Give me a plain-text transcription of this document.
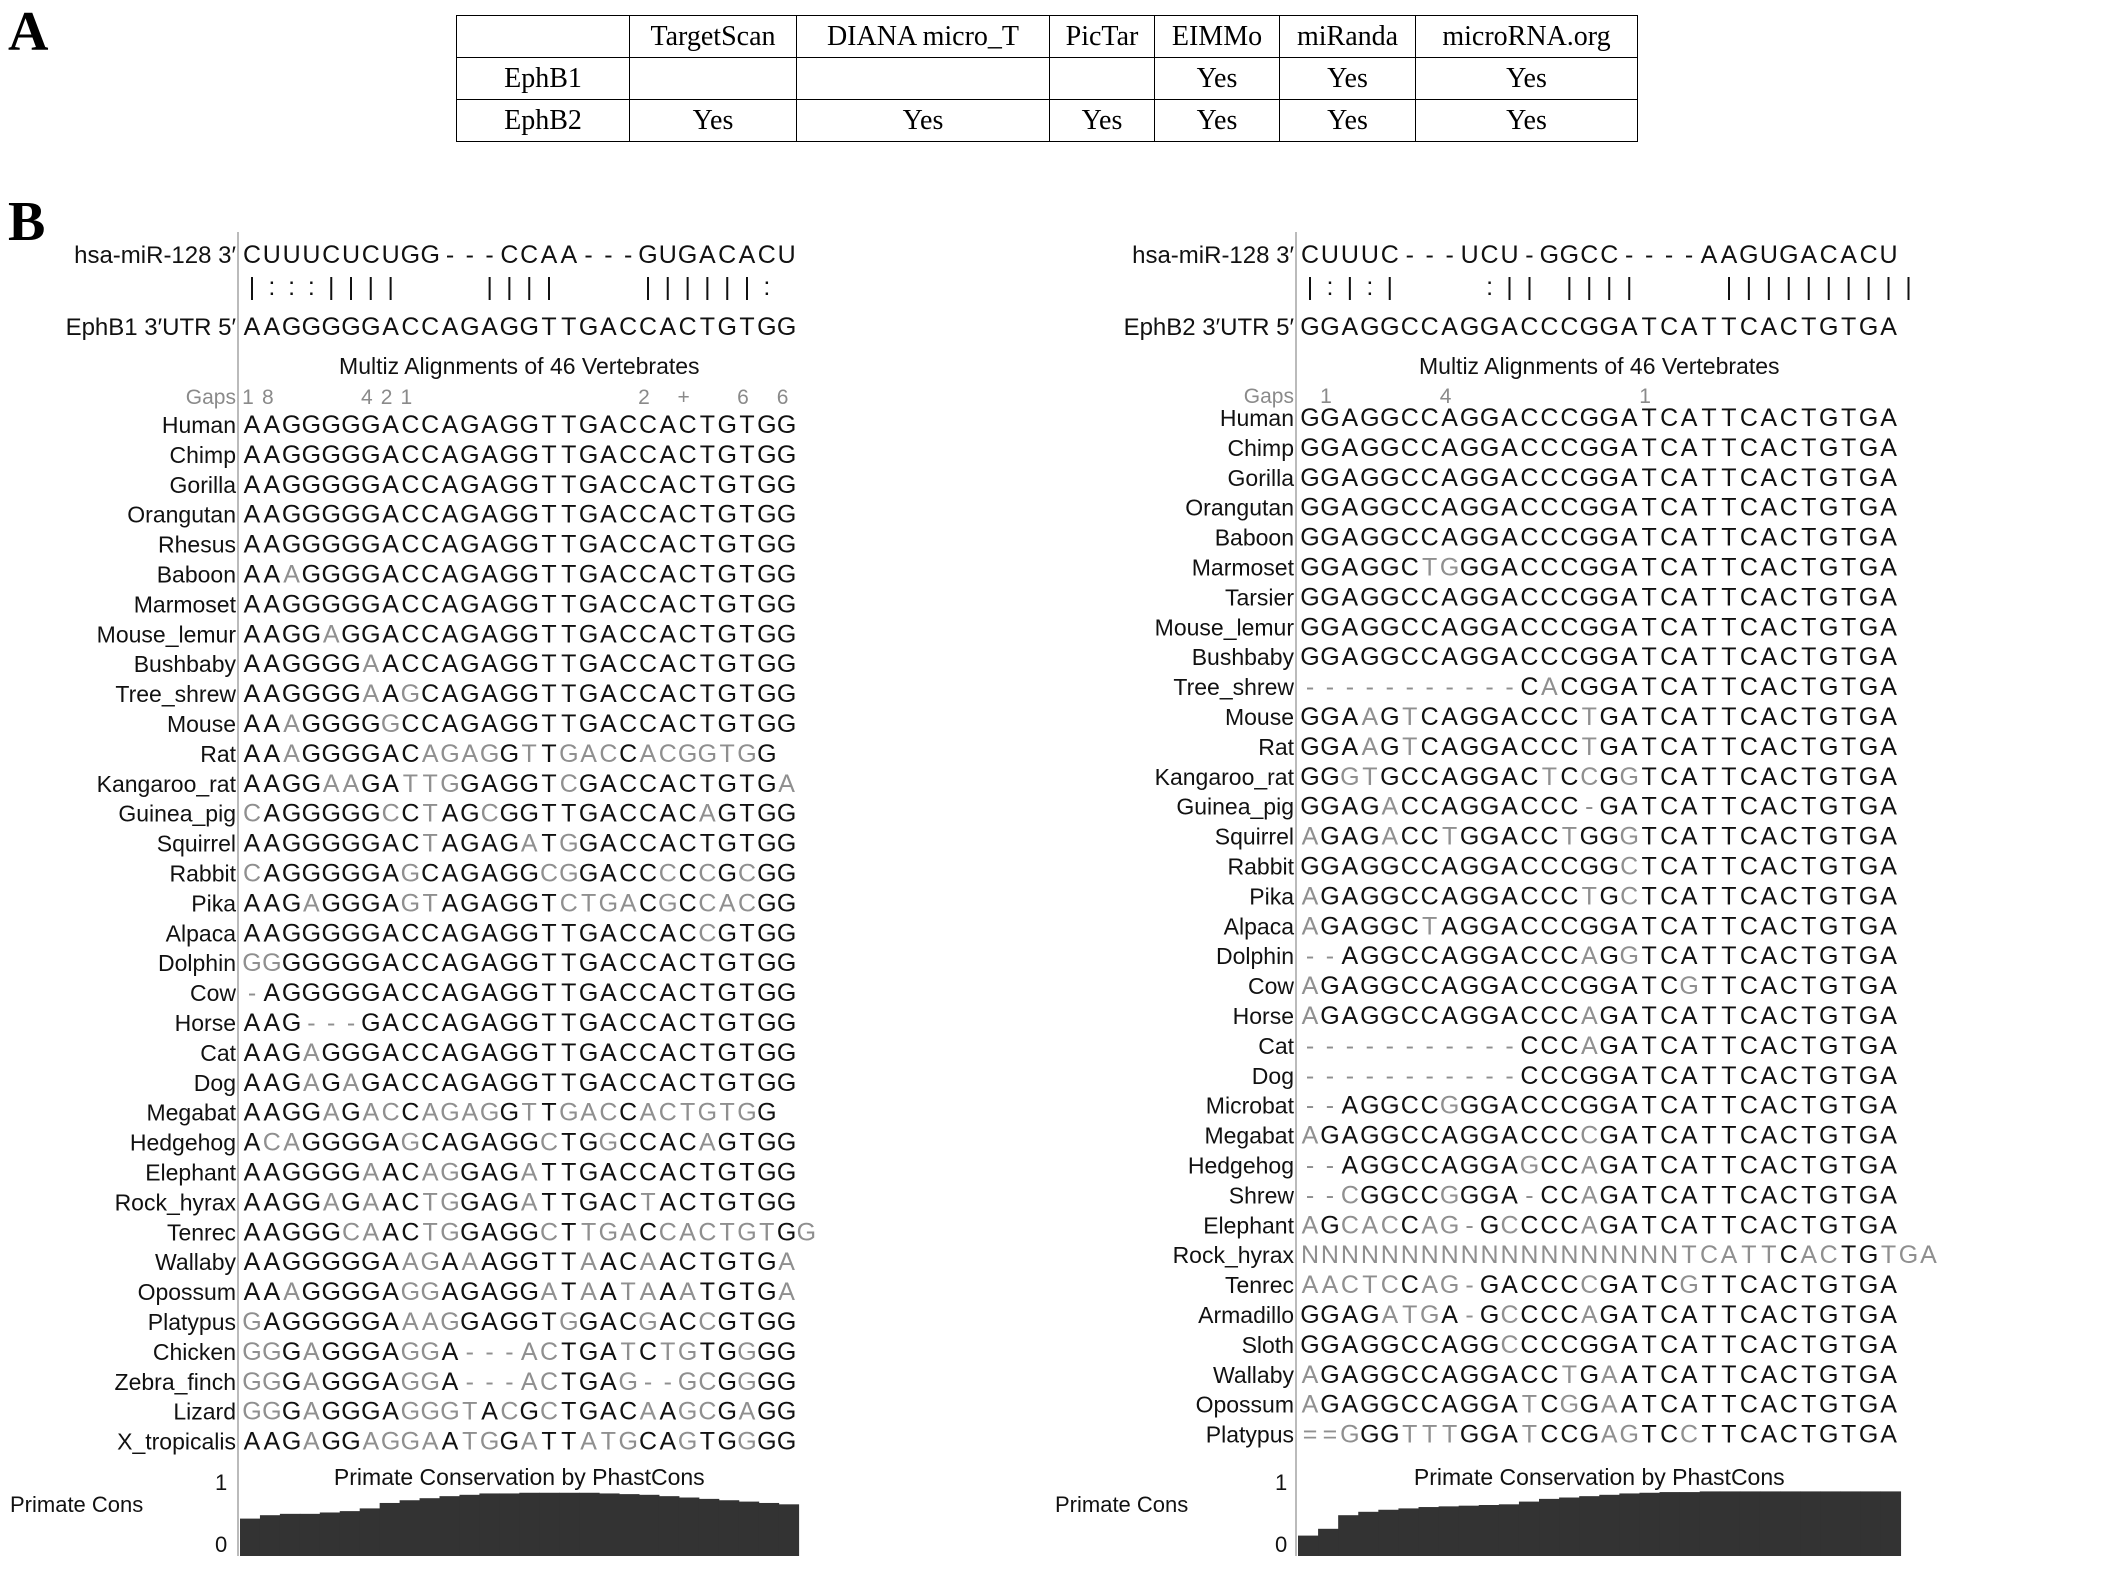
A
B
	TargetScan	DIANA micro_T	PicTar	EIMMo	miRanda	microRNA.org
EphB1				Yes	Yes	Yes
EphB2	Yes	Yes	Yes	Yes	Yes	Yes
hsa-miR-128 3′ C U U U C U C U G G - - - C C A A - - - G U G A C A C U
| : : : | | | |	| | | |	| | | | | | :
EphB1 3′UTR 5′ A A G G G G G A C C A G A G G T T G A C C A C T G T G G
Multiz Alignments of 46 Vertebrates
Gaps 1 8	4 2 1	2 + 6 6
Human A A G G G G G A C C A G A G G T T G A C C A C T G T G G
Chimp A A G G G G G A C C A G A G G T T G A C C A C T G T G G
Gorilla A A G G G G G A C C A G A G G T T G A C C A C T G T G G
Orangutan A A G G G G G A C C A G A G G T T G A C C A C T G T G G
Rhesus A A G G G G G A C C A G A G G T T G A C C A C T G T G G
Baboon A A A G G G G A C C A G A G G T T G A C C A C T G T G G
Marmoset A A G G G G G A C C A G A G G T T G A C C A C T G T G G
Mouse_lemur A A G G A G G A C C A G A G G T T G A C C A C T G T G G
Bushbaby A A G G G G A A C C A G A G G T T G A C C A C T G T G G
Tree_shrew A A G G G G A A G C A G A G G T T G A C C A C T G T G G
Mouse A A A G G G G G C C A G A G G T T G A C C A C T G T G G
Rat A A A G G G G A C A G A G G T T G A C C A C G G T G G
Kangaroo_rat A A G G A A G A T T G G A G G T C G A C C A C T G T G A
Guinea_pig C A G G G G G C C T A G C G G T T G A C C A C A G T G G
Squirrel A A G G G G G A C T A G A G A T G G A C C A C T G T G G
Rabbit C A G G G G G A G C A G A G G C G G A C C C C C G C G G
Pika A A G A G G G A G T A G A G G T C T G A C G C C A C G G
Alpaca A A G G G G G A C C A G A G G T T G A C C A C C G T G G
Dolphin G G G G G G G A C C A G A G G T T G A C C A C T G T G G
Cow - A G G G G G A C C A G A G G T T G A C C A C T G T G G
Horse A A G - - - G A C C A G A G G T T G A C C A C T G T G G
Cat A A G A G G G A C C A G A G G T T G A C C A C T G T G G
Dog A A G A G A G A C C A G A G G T T G A C C A C T G T G G
Megabat A A G G A G A C C A G A G G T T G A C C A C T G T G G
Hedgehog A C A G G G G A G C A G A G G C T G G C C A C A G T G G
Elephant A A G G G G A A C A G G A G A T T G A C C A C T G T G G
Rock_hyrax A A G G A G A A C T G G A G A T T G A C T A C T G T G G
Tenrec A A G G G C A A C T G G A G G C T T G A C C A C T G T G G
Wallaby A A G G G G G A A G A A A G G T T A A C A A C T G T G A
Opossum A A A G G G G A G G A G A G G A T A A T A A A T G T G A
Platypus G A G G G G G A A A G G A G G T G G A C G A C C G T G G
Chicken G G G A G G G A G G A - - - A C T G A T C T G T G G G G
Zebra_finch G G G A G G G A G G A - - - A C T G A G - - G C G G G G
Lizard G G G A G G G A G G G T A C G C T G A C A A G C G A G G
X_tropicalis A A G A G G A G G A A T G G A T T A T G C A G T G G G G
Primate Conservation by PhastCons
Primate Cons
1
0
hsa-miR-128 3′ C U U U C - - - U C U - G G C C - - - - A A G U G A C A C U
| : | : |	: | | | | | |	| | | | | | | | | |
EphB2 3′UTR 5′ G G A G G C C A G G A C C C G G A T C A T T C A C T G T G A
Multiz Alignments of 46 Vertebrates
Gaps 1	4	1
Human G G A G G C C A G G A C C C G G A T C A T T C A C T G T G A
Chimp G G A G G C C A G G A C C C G G A T C A T T C A C T G T G A
Gorilla G G A G G C C A G G A C C C G G A T C A T T C A C T G T G A
Orangutan G G A G G C C A G G A C C C G G A T C A T T C A C T G T G A
Baboon G G A G G C C A G G A C C C G G A T C A T T C A C T G T G A
Marmoset G G A G G C T G G G A C C C G G A T C A T T C A C T G T G A
Tarsier G G A G G C C A G G A C C C G G A T C A T T C A C T G T G A
Mouse_lemur G G A G G C C A G G A C C C G G A T C A T T C A C T G T G A
Bushbaby G G A G G C C A G G A C C C G G A T C A T T C A C T G T G A
Tree_shrew - - - - - - - - - - - C A C G G A T C A T T C A C T G T G A
Mouse G G A A G T C A G G A C C C T G A T C A T T C A C T G T G A
Rat G G A A G T C A G G A C C C T G A T C A T T C A C T G T G A
Kangaroo_rat G G G T G C C A G G A C T C C G G T C A T T C A C T G T G A
Guinea_pig G G A G A C C A G G A C C C - G A T C A T T C A C T G T G A
Squirrel A G A G A C C T G G A C C T G G G T C A T T C A C T G T G A
Rabbit G G A G G C C A G G A C C C G G C T C A T T C A C T G T G A
Pika A G A G G C C A G G A C C C T G C T C A T T C A C T G T G A
Alpaca A G A G G C T A G G A C C C G G A T C A T T C A C T G T G A
Dolphin - - A G G C C A G G A C C C A G G T C A T T C A C T G T G A
Cow A G A G G C C A G G A C C C G G A T C G T T C A C T G T G A
Horse A G A G G C C A G G A C C C A G A T C A T T C A C T G T G A
Cat - - - - - - - - - - - C C C A G A T C A T T C A C T G T G A
Dog - - - - - - - - - - - C C C G G A T C A T T C A C T G T G A
Microbat - - A G G C C G G G A C C C G G A T C A T T C A C T G T G A
Megabat A G A G G C C A G G A C C C C G A T C A T T C A C T G T G A
Hedgehog - - A G G C C A G G A G C C A G A T C A T T C A C T G T G A
Shrew - - C G G C C G G G A - C C A G A T C A T T C A C T G T G A
Elephant A G C A C C A G - G C C C C A G A T C A T T C A C T G T G A
Rock_hyrax N N N N N N N N N N N N N N N N N N N T C A T T C A C T G T G A
Tenrec A A C T C C A G - G A C C C C G A T C G T T C A C T G T G A
Armadillo G G A G A T G A - G C C C C A G A T C A T T C A C T G T G A
Sloth G G A G G C C A G G C C C C G G A T C A T T C A C T G T G A
Wallaby A G A G G C C A G G A C C T G A A T C A T T C A C T G T G A
Opossum A G A G G C C A G G A T C G G A A T C A T T C A C T G T G A
Platypus = = G G G T T T G G A T C C G A G T C C T T C A C T G T G A
Primate Conservation by PhastCons
Primate Cons
1
0
